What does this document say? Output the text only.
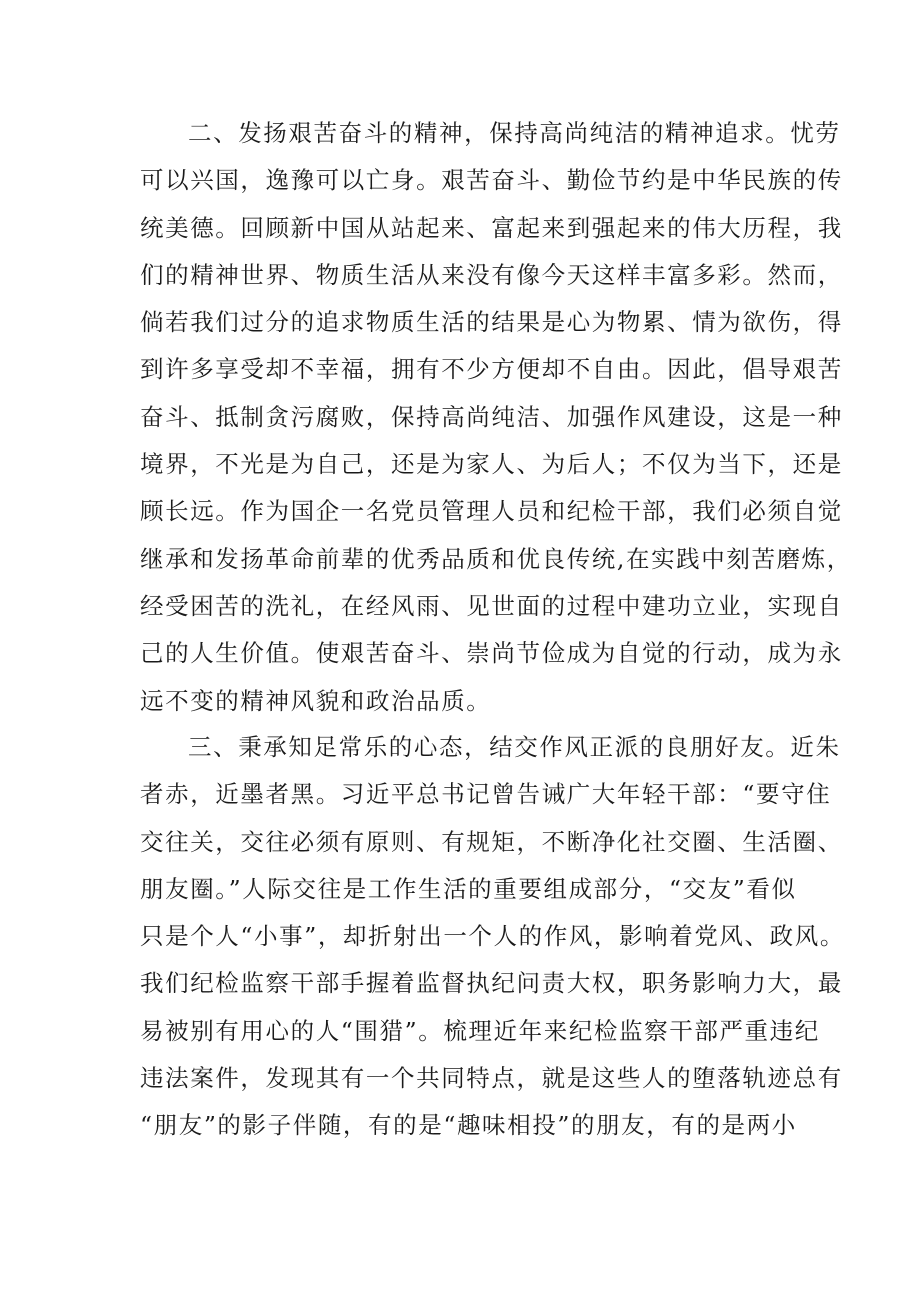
二、发扬艰苦奋斗的精神，保持高尚纯洁的精神追求。忧劳
可以兴国，逸豫可以亡身。艰苦奋斗、勤俭节约是中华民族的传
统美德。回顾新中国从站起来、富起来到强起来的伟大历程，我
们的精神世界、物质生活从来没有像今天这样丰富多彩。然而，
倘若我们过分的追求物质生活的结果是心为物累、情为欲伤，得
到许多享受却不幸福，拥有不少方便却不自由。因此，倡导艰苦
奋斗、抵制贪污腐败，保持高尚纯洁、加强作风建设，这是一种
境界，不光是为自己，还是为家人、为后人；不仅为当下，还是
顾长远。作为国企一名党员管理人员和纪检干部，我们必须自觉
继承和发扬革命前辈的优秀品质和优良传统,在实践中刻苦磨炼，
经受困苦的洗礼，在经风雨、见世面的过程中建功立业，实现自
己的人生价值。使艰苦奋斗、崇尚节俭成为自觉的行动，成为永
远不变的精神风貌和政治品质。
三、秉承知足常乐的心态，结交作风正派的良朋好友。近朱
者赤，近墨者黑。习近平总书记曾告诫广大年轻干部：“要守住
交往关，交往必须有原则、有规矩，不断净化社交圈、生活圈、
朋友圈。”人际交往是工作生活的重要组成部分，“交友”看似
只是个人“小事”，却折射出一个人的作风，影响着党风、政风。
我们纪检监察干部手握着监督执纪问责大权，职务影响力大，最
易被别有用心的人“围猎”。梳理近年来纪检监察干部严重违纪
违法案件，发现其有一个共同特点，就是这些人的堕落轨迹总有
“朋友”的影子伴随，有的是“趣味相投”的朋友，有的是两小
